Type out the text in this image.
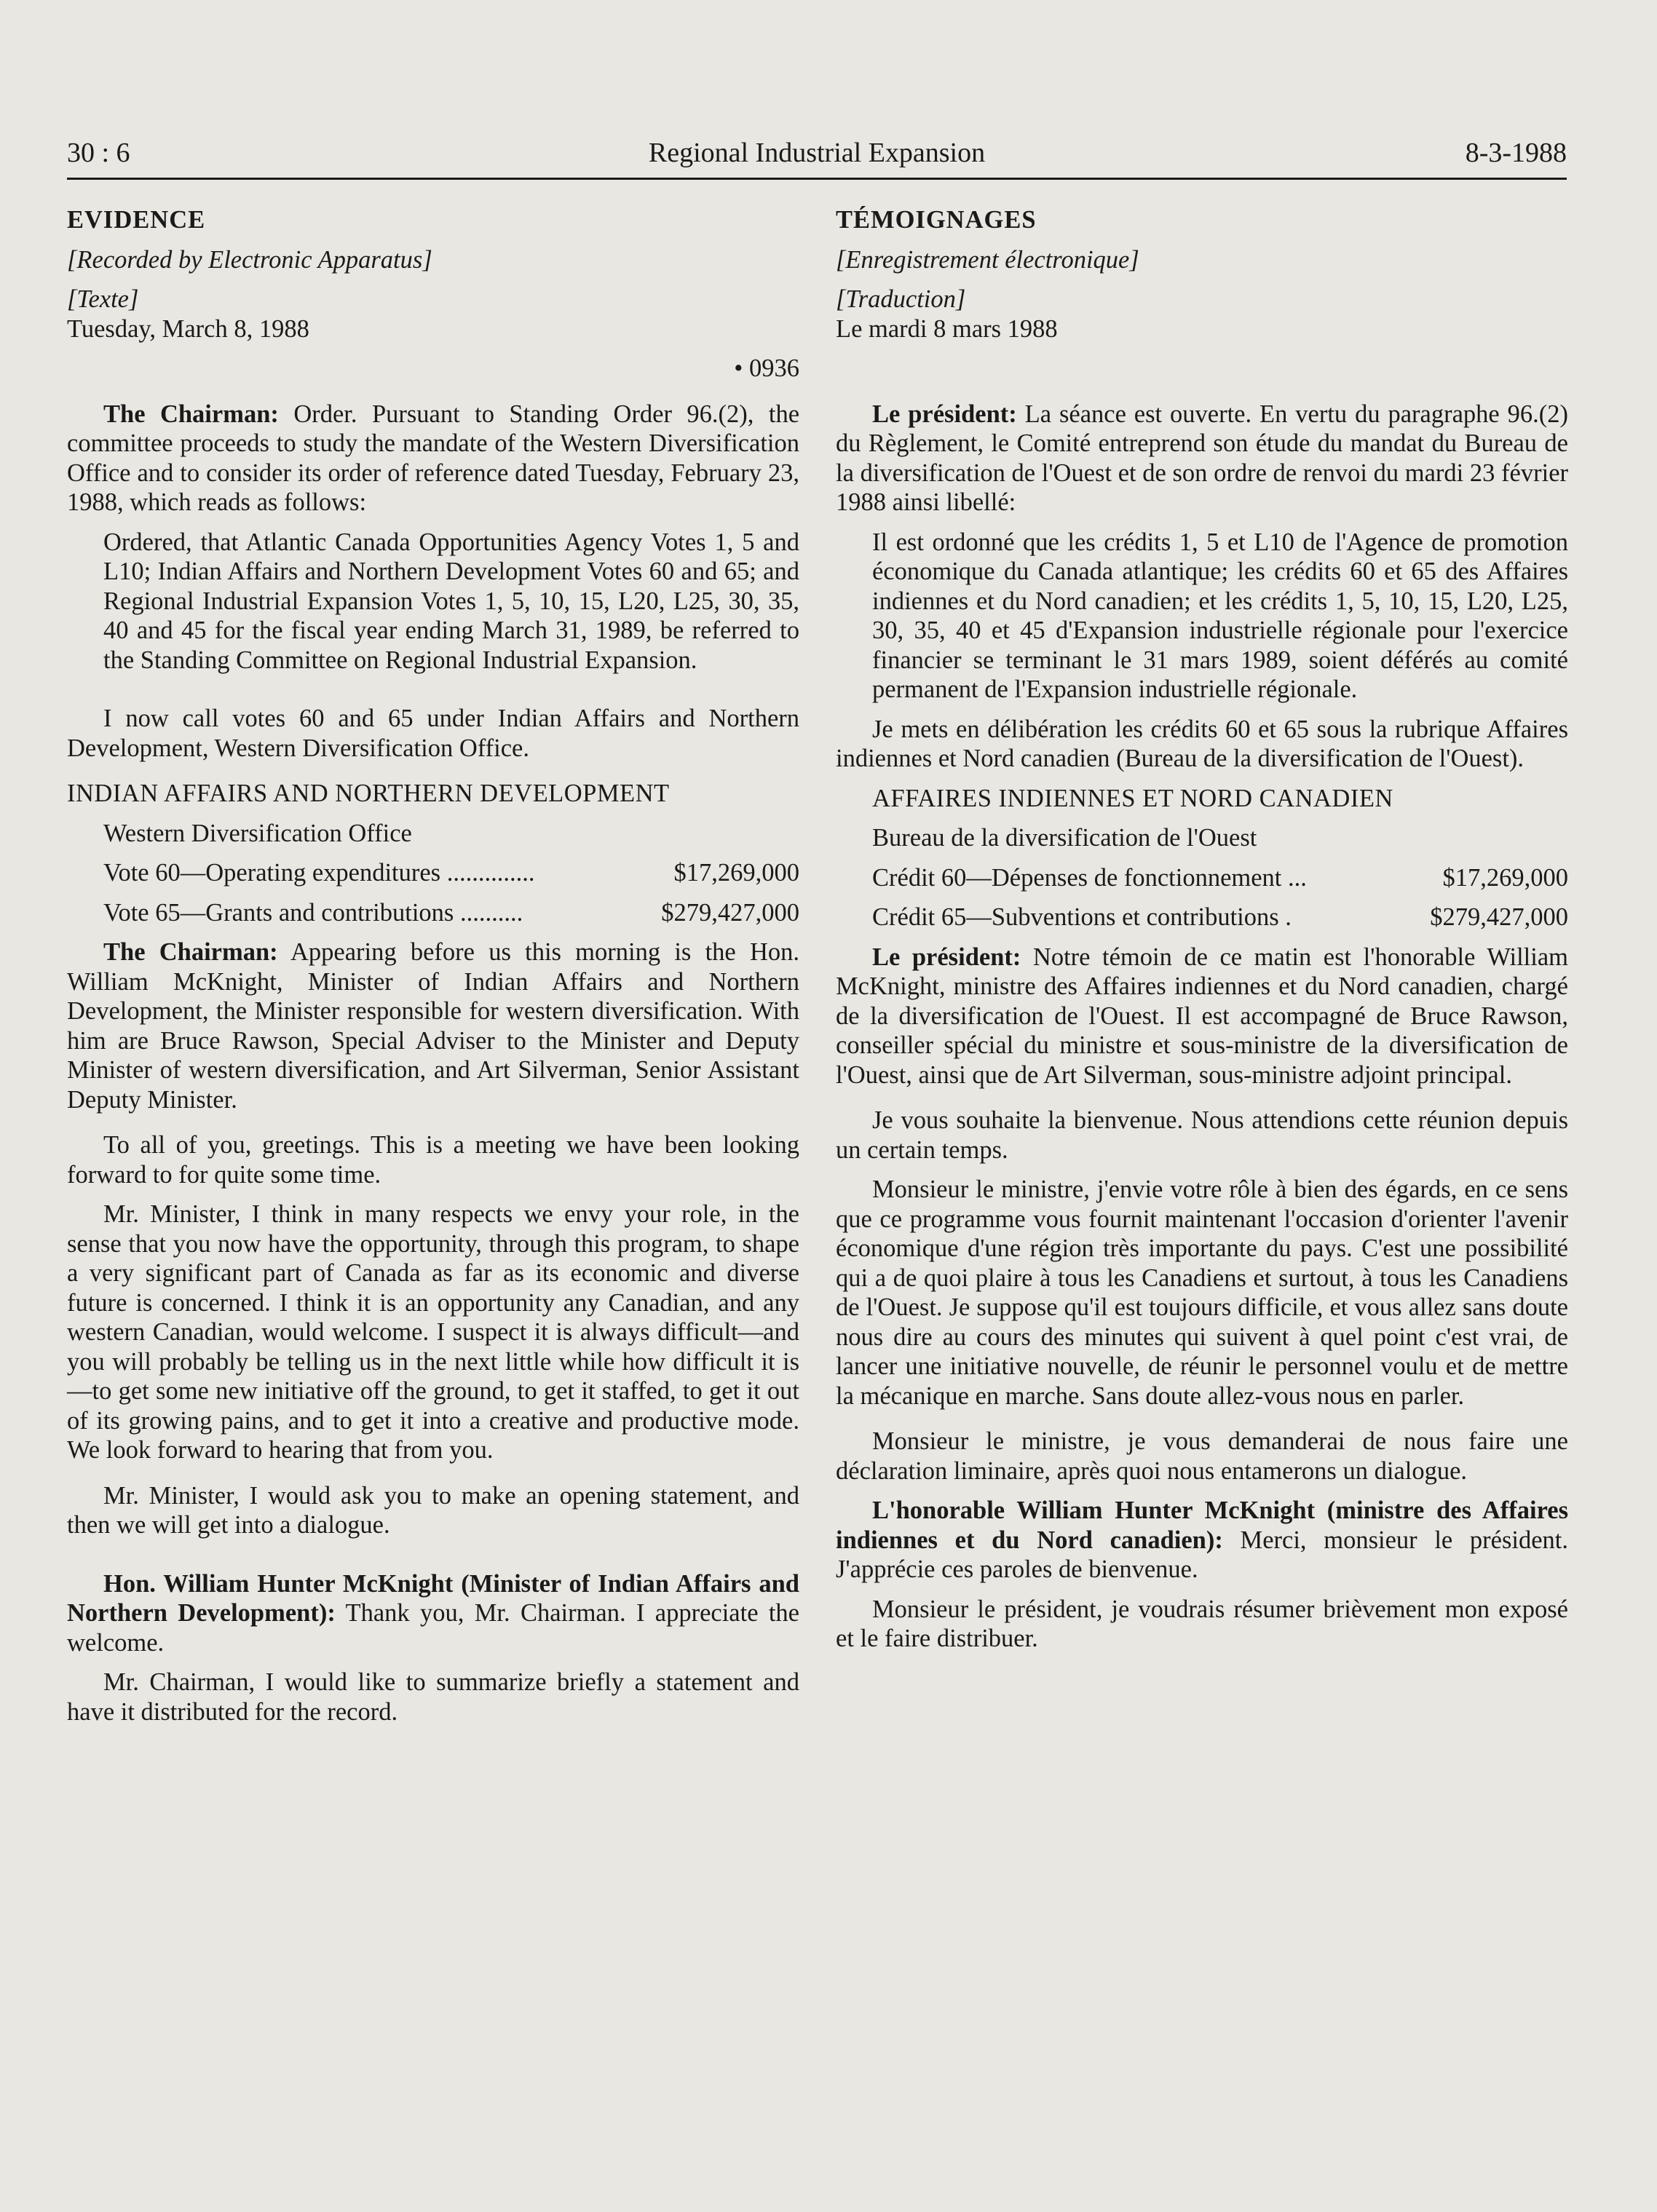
30 : 6	Regional Industrial Expansion	8-3-1988

EVIDENCE

[Recorded by Electronic Apparatus]

[Texte]

Tuesday, March 8, 1988

• 0936

The Chairman: Order. Pursuant to Standing Order 96.(2), the committee proceeds to study the mandate of the Western Diversification Office and to consider its order of reference dated Tuesday, February 23, 1988, which reads as follows:

Ordered, that Atlantic Canada Opportunities Agency Votes 1, 5 and L10; Indian Affairs and Northern Development Votes 60 and 65; and Regional Industrial Expansion Votes 1, 5, 10, 15, L20, L25, 30, 35, 40 and 45 for the fiscal year ending March 31, 1989, be referred to the Standing Committee on Regional Industrial Expansion.

I now call votes 60 and 65 under Indian Affairs and Northern Development, Western Diversification Office.

INDIAN AFFAIRS AND NORTHERN DEVELOPMENT

Western Diversification Office

Vote 60—Operating expenditures ..............	$17,269,000

Vote 65—Grants and contributions ..........	$279,427,000

The Chairman: Appearing before us this morning is the Hon. William McKnight, Minister of Indian Affairs and Northern Development, the Minister responsible for western diversification. With him are Bruce Rawson, Special Adviser to the Minister and Deputy Minister of western diversification, and Art Silverman, Senior Assistant Deputy Minister.

To all of you, greetings. This is a meeting we have been looking forward to for quite some time.

Mr. Minister, I think in many respects we envy your role, in the sense that you now have the opportunity, through this program, to shape a very significant part of Canada as far as its economic and diverse future is concerned. I think it is an opportunity any Canadian, and any western Canadian, would welcome. I suspect it is always difficult—and you will probably be telling us in the next little while how difficult it is—to get some new initiative off the ground, to get it staffed, to get it out of its growing pains, and to get it into a creative and productive mode. We look forward to hearing that from you.

Mr. Minister, I would ask you to make an opening statement, and then we will get into a dialogue.

Hon. William Hunter McKnight (Minister of Indian Affairs and Northern Development): Thank you, Mr. Chairman. I appreciate the welcome.

Mr. Chairman, I would like to summarize briefly a statement and have it distributed for the record.

TÉMOIGNAGES

[Enregistrement électronique]

[Traduction]

Le mardi 8 mars 1988

Le président: La séance est ouverte. En vertu du paragraphe 96.(2) du Règlement, le Comité entreprend son étude du mandat du Bureau de la diversification de l'Ouest et de son ordre de renvoi du mardi 23 février 1988 ainsi libellé:

Il est ordonné que les crédits 1, 5 et L10 de l'Agence de promotion économique du Canada atlantique; les crédits 60 et 65 des Affaires indiennes et du Nord canadien; et les crédits 1, 5, 10, 15, L20, L25, 30, 35, 40 et 45 d'Expansion industrielle régionale pour l'exercice financier se terminant le 31 mars 1989, soient déférés au comité permanent de l'Expansion industrielle régionale.

Je mets en délibération les crédits 60 et 65 sous la rubrique Affaires indiennes et Nord canadien (Bureau de la diversification de l'Ouest).

AFFAIRES INDIENNES ET NORD CANADIEN

Bureau de la diversification de l'Ouest

Crédit 60—Dépenses de fonctionnement ...	$17,269,000

Crédit 65—Subventions et contributions .	$279,427,000

Le président: Notre témoin de ce matin est l'honorable William McKnight, ministre des Affaires indiennes et du Nord canadien, chargé de la diversification de l'Ouest. Il est accompagné de Bruce Rawson, conseiller spécial du ministre et sous-ministre de la diversification de l'Ouest, ainsi que de Art Silverman, sous-ministre adjoint principal.

Je vous souhaite la bienvenue. Nous attendions cette réunion depuis un certain temps.

Monsieur le ministre, j'envie votre rôle à bien des égards, en ce sens que ce programme vous fournit maintenant l'occasion d'orienter l'avenir économique d'une région très importante du pays. C'est une possibilité qui a de quoi plaire à tous les Canadiens et surtout, à tous les Canadiens de l'Ouest. Je suppose qu'il est toujours difficile, et vous allez sans doute nous dire au cours des minutes qui suivent à quel point c'est vrai, de lancer une initiative nouvelle, de réunir le personnel voulu et de mettre la mécanique en marche. Sans doute allez-vous nous en parler.

Monsieur le ministre, je vous demanderai de nous faire une déclaration liminaire, après quoi nous entamerons un dialogue.

L'honorable William Hunter McKnight (ministre des Affaires indiennes et du Nord canadien): Merci, monsieur le président. J'apprécie ces paroles de bienvenue.

Monsieur le président, je voudrais résumer brièvement mon exposé et le faire distribuer.
